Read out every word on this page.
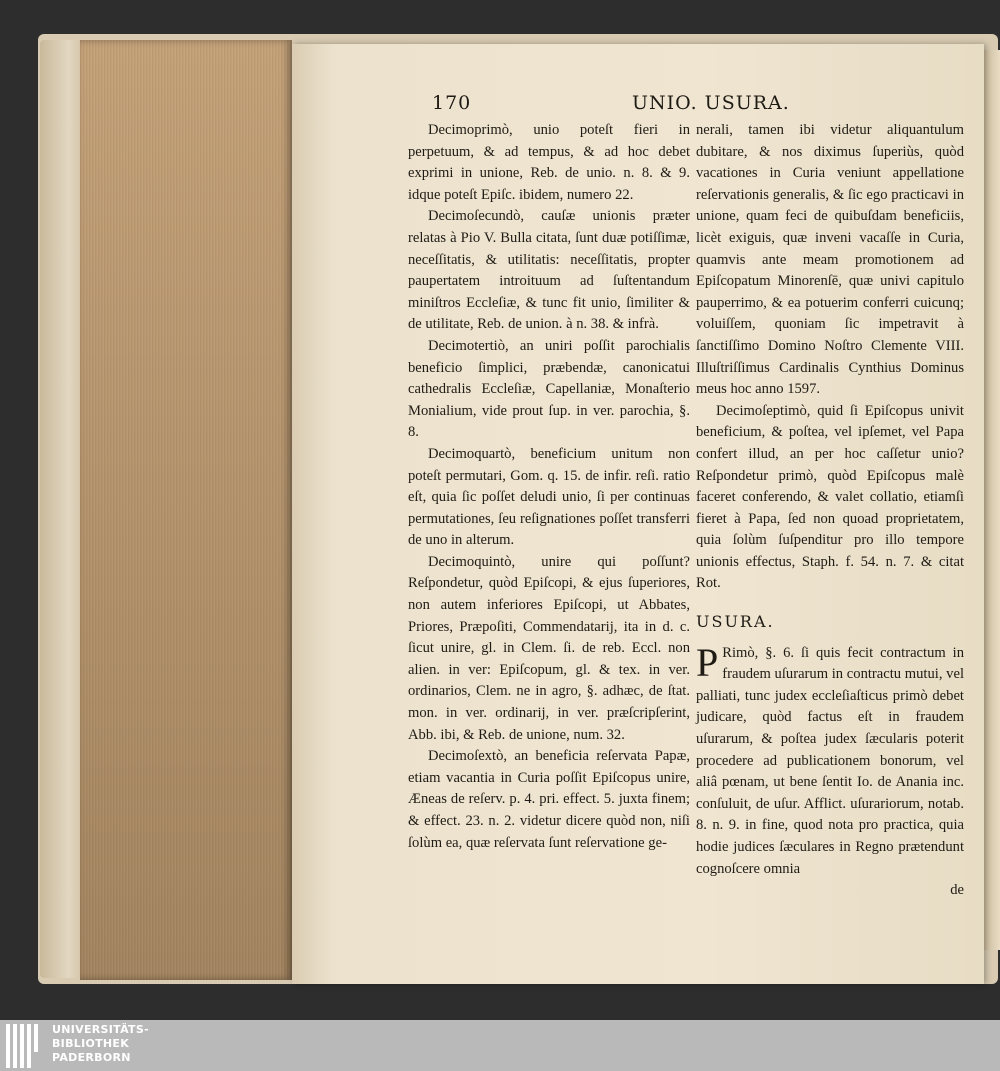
170	UNIO. USURA.

Decimoprimò, unio poteſt fieri in perpetuum, & ad tempus, & ad hoc debet exprimi in unione, Reb. de unio. n. 8. & 9. idque poteſt Epiſc. ibidem, numero 22.

Decimoſecundò, cauſæ unionis præter relatas à Pio V. Bulla citata, ſunt duæ potiſſimæ, neceſſitatis, & utilitatis: neceſſitatis, propter paupertatem introituum ad ſuſtentandum miniſtros Eccleſiæ, & tunc fit unio, ſimiliter & de utilitate, Reb. de union. à n. 38. & infrà.

Decimotertiò, an uniri poſſit parochialis beneficio ſimplici, præbendæ, canonicatui cathedralis Eccleſiæ, Capellaniæ, Monaſterio Monialium, vide prout ſup. in ver. parochia, §. 8.

Decimoquartò, beneficium unitum non poteſt permutari, Gom. q. 15. de infir. reſi. ratio eſt, quia ſic poſſet deludi unio, ſi per continuas permutationes, ſeu reſignationes poſſet transferri de uno in alterum.

Decimoquintò, unire qui poſſunt? Reſpondetur, quòd Epiſcopi, & ejus ſuperiores, non autem inferiores Epiſcopi, ut Abbates, Priores, Præpoſiti, Commendatarij, ita in d. c. ſicut unire, gl. in Clem. ſi. de reb. Eccl. non alien. in ver: Epiſcopum, gl. & tex. in ver. ordinarios, Clem. ne in agro, §. adhæc, de ſtat. mon. in ver. ordinarij, in ver. præſcripſerint, Abb. ibi, & Reb. de unione, num. 32.

Decimoſextò, an beneficia reſervata Papæ, etiam vacantia in Curia poſſit Epiſcopus unire, Æneas de reſerv. p. 4. pri. effect. 5. juxta finem; & effect. 23. n. 2. videtur dicere quòd non, niſi ſolùm ea, quæ reſervata ſunt reſervatione ge-

nerali, tamen ibi videtur aliquantulum dubitare, & nos diximus ſuperiùs, quòd vacationes in Curia veniunt appellatione reſervationis generalis, & ſic ego practicavi in unione, quam feci de quibuſdam beneficiis, licèt exiguis, quæ inveni vacaſſe in Curia, quamvis ante meam promotionem ad Epiſcopatum Minorenſē, quæ univi capitulo pauperrimo, & ea potuerim conferri cuicunq; voluiſſem, quoniam ſic impetravit à ſanctiſſimo Domino Noſtro Clemente VIII. Illuſtriſſimus Cardinalis Cynthius Dominus meus hoc anno 1597.

Decimoſeptimò, quid ſi Epiſcopus univit beneficium, & poſtea, vel ipſemet, vel Papa confert illud, an per hoc caſſetur unio? Reſpondetur primò, quòd Epiſcopus malè faceret conferendo, & valet collatio, etiamſi fieret à Papa, ſed non quoad proprietatem, quia ſolùm ſuſpenditur pro illo tempore unionis effectus, Staph. f. 54. n. 7. & citat Rot.

USURA.

P Rimò, §. 6. ſi quis fecit contractum in fraudem uſurarum in contractu mutui, vel palliati, tunc judex eccleſiaſticus primò debet judicare, quòd factus eſt in fraudem uſurarum, & poſtea judex ſæcularis poterit procedere ad publicationem bonorum, vel aliâ pœnam, ut bene ſentit Io. de Anania inc. conſuluit, de uſur. Afflict. uſurariorum, notab. 8. n. 9. in fine, quod nota pro practica, quia hodie judices ſæculares in Regno prætendunt cognoſcere omnia

de

UNIVERSITÄTS-
BIBLIOTHEK
PADERBORN
